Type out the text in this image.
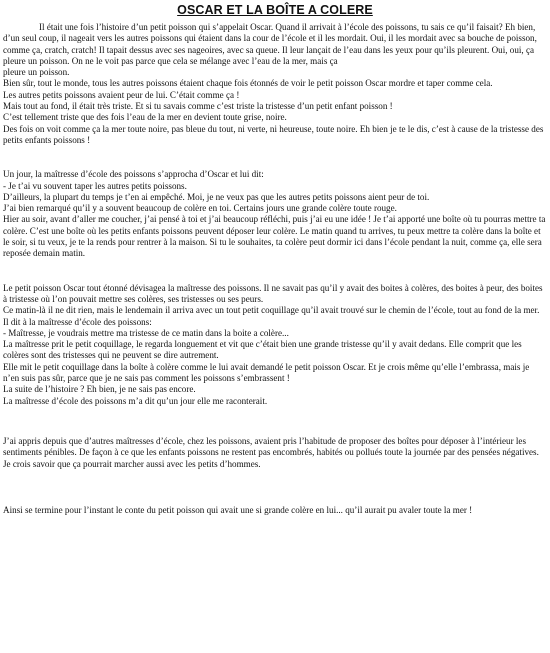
OSCAR ET LA BOÎTE A COLERE

Il était une fois l’histoire d’un petit poisson qui s’appelait Oscar. Quand il arrivait à l’école des poissons, tu sais ce qu’il faisait? Eh bien, d’un seul coup, il nageait vers les autres poissons qui étaient dans la cour de l’école et il les mordait. Oui, il les mordait avec sa bouche de poisson, comme ça, cratch, cratch! Il tapait dessus avec ses nageoires, avec sa queue. Il leur lançait de l’eau dans les yeux pour qu’ils pleurent. Oui, oui, ça pleure un poisson. On ne le voit pas parce que cela se mélange avec l’eau de la mer, mais ça

pleure un poisson.

Bien sûr, tout le monde, tous les autres poissons étaient chaque fois étonnés de voir le petit poisson Oscar mordre et taper comme cela.

Les autres petits poissons avaient peur de lui. C’était comme ça !

Mais tout au fond, il était très triste. Et si tu savais comme c’est triste la tristesse d’un petit enfant poisson !

C’est tellement triste que des fois l’eau de la mer en devient toute grise, noire.

Des fois on voit comme ça la mer toute noire, pas bleue du tout, ni verte, ni heureuse, toute noire. Eh bien je te le dis, c’est à cause de la tristesse des petits enfants poissons !

Un jour, la maîtresse d’école des poissons s’approcha d’Oscar et lui dit:

- Je t’ai vu souvent taper les autres petits poissons.

D’ailleurs, la plupart du temps je t’en ai empêché. Moi, je ne veux pas que les autres petits poissons aient peur de toi.

J’ai bien remarqué qu’il y a souvent beaucoup de colère en toi. Certains jours une grande colère toute rouge.

Hier au soir, avant d’aller me coucher, j’ai pensé à toi et j’ai beaucoup réfléchi, puis j’ai eu une idée ! Je t’ai apporté une boîte où tu pourras mettre ta colère. C’est une boîte où les petits enfants poissons peuvent déposer leur colère. Le matin quand tu arrives, tu peux mettre ta colère dans la boîte et le soir, si tu veux, je te la rends pour rentrer à la maison. Si tu le souhaites, ta colère peut dormir ici dans l’école pendant la nuit, comme ça, elle sera reposée demain matin.

Le petit poisson Oscar tout étonné dévisagea la maîtresse des poissons. Il ne savait pas qu’il y avait des boites à colères, des boites à peur, des boites à tristesse où l’on pouvait mettre ses colères, ses tristesses ou ses peurs.

Ce matin-là il ne dit rien, mais le lendemain il arriva avec un tout petit coquillage qu’il avait trouvé sur le chemin de l’école, tout au fond de la mer.

Il dit à la maîtresse d’école des poissons:

- Maîtresse, je voudrais mettre ma tristesse de ce matin dans la boite a colère...

La maîtresse prit le petit coquillage, le regarda longuement et vit que c’était bien une grande tristesse qu’il y avait dedans. Elle comprit que les colères sont des tristesses qui ne peuvent se dire autrement.

Elle mit le petit coquillage dans la boîte à colère comme le lui avait demandé le petit poisson Oscar. Et je crois même qu’elle l’embrassa, mais je n’en suis pas sûr, parce que je ne sais pas comment les poissons s’embrassent !

La suite de l’histoire ? Eh bien, je ne sais pas encore.

La maîtresse d’école des poissons m’a dit qu’un jour elle me raconterait.

J’ai appris depuis que d’autres maîtresses d’école, chez les poissons, avaient pris l’habitude de proposer des boîtes pour déposer à l’intérieur les sentiments pénibles. De façon à ce que les enfants poissons ne restent pas encombrés, habités ou pollués toute la journée par des pensées négatives. Je crois savoir que ça pourrait marcher aussi avec les petits d’hommes.

Ainsi se termine pour l’instant le conte du petit poisson qui avait une si grande colère en lui... qu’il aurait pu avaler toute la mer !
